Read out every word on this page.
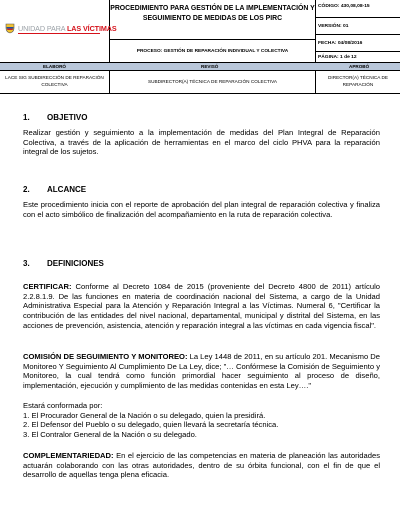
UNIDAD PARA LAS VÍCTIMAS
PROCEDIMIENTO PARA GESTIÓN DE LA IMPLEMENTACIÓN Y SEGUIMIENTO DE MEDIDAS DE LOS PIRC
PROCESO: GESTIÓN DE REPARACIÓN INDIVIDUAL Y COLECTIVA
CÓDIGO: 430,08,08-15
VERSIÓN: 01
FECHA: 04/08/2016
PÁGINA: 1 de 12
ELABORÓ	REVISÓ	APROBÓ
LACE SIG SUBDIRECCIÓN DE REPARACIÓN COLECTIVA
SUBDIRECTOR(A) TÉCNICA DE REPARACIÓN COLECTIVA
DIRECTOR(A) TÉCNICA DE REPARACIÓN
1. OBJETIVO

Realizar gestión y seguimiento a la implementación de medidas del Plan Integral de Reparación Colectiva, a través de la aplicación de herramientas en el marco del ciclo PHVA para la reparación integral de los sujetos.

2. ALCANCE

Este procedimiento inicia con el reporte de aprobación del plan integral de reparación colectiva y finaliza con el acto simbólico de finalización del acompañamiento en la ruta de reparación colectiva.

3. DEFINICIONES

CERTIFICAR: Conforme al Decreto 1084 de 2015 (proveniente del Decreto 4800 de 2011) artículo 2.2.8.1.9. De las funciones en materia de coordinación nacional del Sistema, a cargo de la Unidad Administrativa Especial para la Atención y Reparación Integral a las Víctimas. Numeral 6, "Certificar la contribución de las entidades del nivel nacional, departamental, municipal y distrital del Sistema, en las acciones de prevención, asistencia, atención y reparación integral a las víctimas en cada vigencia fiscal".

COMISIÓN DE SEGUIMIENTO Y MONITOREO: La Ley 1448 de 2011, en su artículo 201. Mecanismo De Monitoreo Y Seguimiento Al Cumplimiento De La Ley, dice; "… Confórmese la Comisión de Seguimiento y Monitoreo, la cual tendrá como función primordial hacer seguimiento al proceso de diseño, implementación, ejecución y cumplimiento de las medidas contenidas en esta Ley…."

Estará conformada por:
1. El Procurador General de la Nación o su delegado, quien la presidirá.
2. El Defensor del Pueblo o su delegado, quien llevará la secretaría técnica.
3. El Contralor General de la Nación o su delegado.

COMPLEMENTARIEDAD: En el ejercicio de las competencias en materia de planeación las autoridades actuarán colaborando con las otras autoridades, dentro de su órbita funcional, con el fin de que el desarrollo de aquellas tenga plena eficacia.
